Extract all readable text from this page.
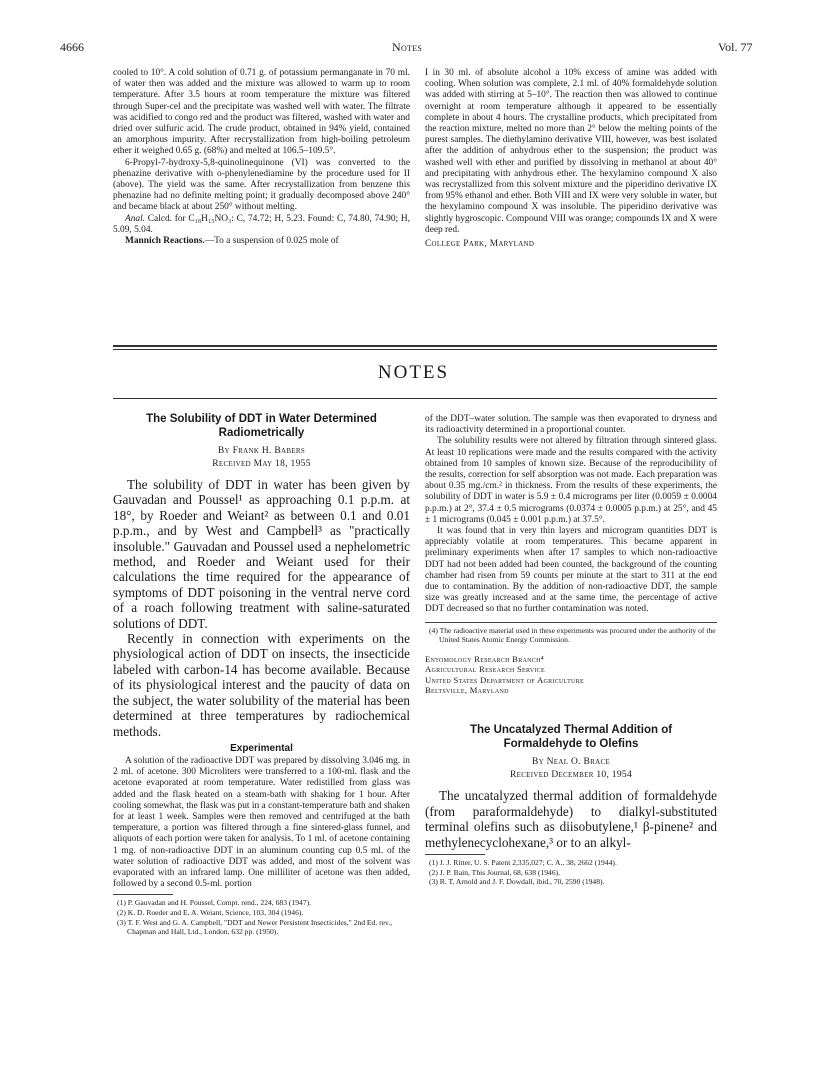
4666	Notes	Vol. 77

cooled to 10°. A cold solution of 0.71 g. of potassium permanganate in 70 ml. of water then was added and the mixture was allowed to warm up to room temperature. After 3.5 hours at room temperature the mixture was filtered through Super-cel and the precipitate was washed well with water. The filtrate was acidified to congo red and the product was filtered, washed with water and dried over sulfuric acid. The crude product, obtained in 94% yield, contained an amorphous impurity. After recrystallization from high-boiling petroleum ether it weighed 0.65 g. (68%) and melted at 106.5–109.5°.

6-Propyl-7-hydroxy-5,8-quinolinequinone (VI) was converted to the phenazine derivative with o-phenylenediamine by the procedure used for II (above). The yield was the same. After recrystallization from benzene this phenazine had no definite melting point; it gradually decomposed above 240° and became black at about 250° without melting.

Anal. Calcd. for C₁₈H₁₅NO₃: C, 74.72; H, 5.23. Found: C, 74.80, 74.90; H, 5.09, 5.04.

Mannich Reactions.—To a suspension of 0.025 mole of

I in 30 ml. of absolute alcohol a 10% excess of amine was added with cooling. When solution was complete, 2.1 ml. of 40% formaldehyde solution was added with stirring at 5–10°. The reaction then was allowed to continue overnight at room temperature although it appeared to be essentially complete in about 4 hours. The crystalline products, which precipitated from the reaction mixture, melted no more than 2° below the melting points of the purest samples. The diethylamino derivative VIII, however, was best isolated after the addition of anhydrous ether to the suspension; the product was washed well with ether and purified by dissolving in methanol at about 40° and precipitating with anhydrous ether. The hexylamino compound X also was recrystallized from this solvent mixture and the piperidino derivative IX from 95% ethanol and ether. Both VIII and IX were very soluble in water, but the hexylamino compound X was insoluble. The piperidino derivative was slightly hygroscopic. Compound VIII was orange; compounds IX and X were deep red.

College Park, Maryland

NOTES
The Solubility of DDT in Water Determined Radiometrically
By Frank H. Babers
Received May 18, 1955

The solubility of DDT in water has been given by Gauvadan and Poussel¹ as approaching 0.1 p.p.m. at 18°, by Roeder and Weiant² as between 0.1 and 0.01 p.p.m., and by West and Campbell³ as "practically insoluble." Gauvadan and Poussel used a nephelometric method, and Roeder and Weiant used for their calculations the time required for the appearance of symptoms of DDT poisoning in the ventral nerve cord of a roach following treatment with saline-saturated solutions of DDT.

Recently in connection with experiments on the physiological action of DDT on insects, the insecticide labeled with carbon-14 has become available. Because of its physiological interest and the paucity of data on the subject, the water solubility of the material has been determined at three temperatures by radiochemical methods.

Experimental

A solution of the radioactive DDT was prepared by dissolving 3.046 mg. in 2 ml. of acetone. 300 Microliters were transferred to a 100-ml. flask and the acetone evaporated at room temperature. Water redistilled from glass was added and the flask heated on a steam-bath with shaking for 1 hour. After cooling somewhat, the flask was put in a constant-temperature bath and shaken for at least 1 week. Samples were then removed and centrifuged at the bath temperature, a portion was filtered through a fine sintered-glass funnel, and aliquots of each portion were taken for analysis. To 1 ml. of acetone containing 1 mg. of non-radioactive DDT in an aluminum counting cup 0.5 ml. of the water solution of radioactive DDT was added, and most of the solvent was evaporated with an infrared lamp. One milliliter of acetone was then added, followed by a second 0.5-ml. portion

(1) P. Gauvadan and H. Poussel, Compt. rend., 224, 683 (1947).
(2) K. D. Roeder and E. A. Weiant, Science, 103, 304 (1946).
(3) T. F. West and G. A. Campbell, "DDT and Newer Persistent Insecticides," 2nd Ed. rev., Chapman and Hall, Ltd., London, 632 pp. (1950).

of the DDT–water solution. The sample was then evaporated to dryness and its radioactivity determined in a proportional counter.

The solubility results were not altered by filtration through sintered glass. At least 10 replications were made and the results compared with the activity obtained from 10 samples of known size. Because of the reproducibility of the results, correction for self absorption was not made. Each preparation was about 0.35 mg./cm.² in thickness. From the results of these experiments, the solubility of DDT in water is 5.9 ± 0.4 micrograms per liter (0.0059 ± 0.0004 p.p.m.) at 2°, 37.4 ± 0.5 micrograms (0.0374 ± 0.0005 p.p.m.) at 25°, and 45 ± 1 micrograms (0.045 ± 0.001 p.p.m.) at 37.5°.

It was found that in very thin layers and microgram quantities DDT is appreciably volatile at room temperatures. This became apparent in preliminary experiments when after 17 samples to which non-radioactive DDT had not been added had been counted, the background of the counting chamber had risen from 59 counts per minute at the start to 311 at the end due to contamination. By the addition of non-radioactive DDT, the sample size was greatly increased and at the same time, the percentage of active DDT decreased so that no further contamination was noted.

(4) The radioactive material used in these experiments was procured under the authority of the United States Atomic Energy Commission.
Entomology Research Branch⁴
Agricultural Research Service
United States Department of Agriculture
Beltsville, Maryland
The Uncatalyzed Thermal Addition of Formaldehyde to Olefins
By Neal O. Brace
Received December 10, 1954

The uncatalyzed thermal addition of formaldehyde (from paraformaldehyde) to dialkyl-substituted terminal olefins such as diisobutylene,¹ β-pinene² and methylenecyclohexane,³ or to an alkyl-

(1) J. J. Ritter, U. S. Patent 2,335,027; C. A., 38, 2662 (1944).
(2) J. P. Bain, This Journal, 68, 638 (1946).
(3) R. T. Arnold and J. F. Dowdall, ibid., 70, 2590 (1948).
